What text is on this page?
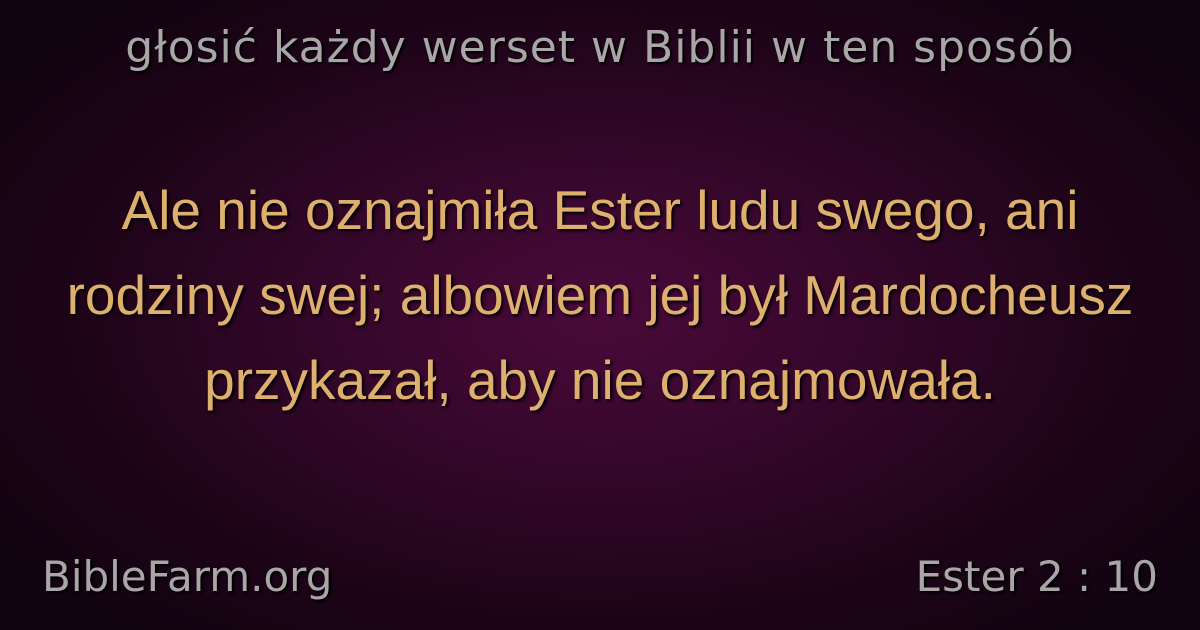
głosić każdy werset w Biblii w ten sposób
Ale nie oznajmiła Ester ludu swego, ani rodziny swej; albowiem jej był Mardocheusz przykazał, aby nie oznajmowała.
BibleFarm.org	Ester 2 : 10
